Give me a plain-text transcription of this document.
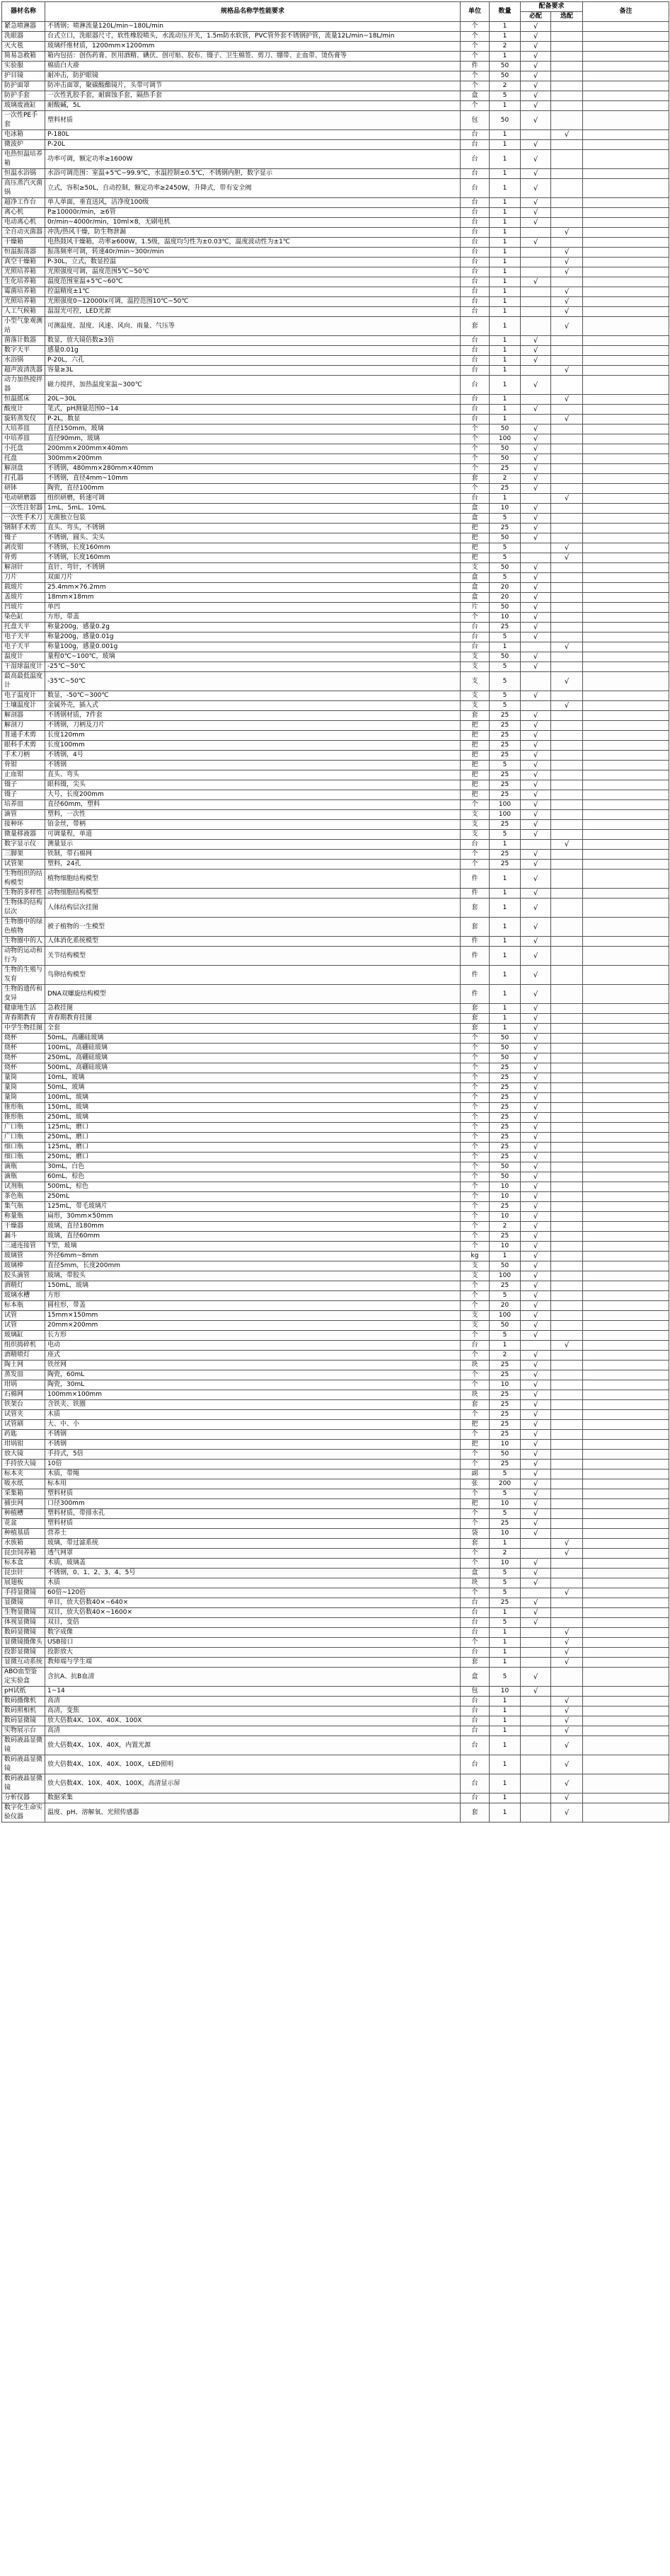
器材名称	规格品名称学性能要求	单位	数量	配备要求		备注
				必配	选配	
紧急喷淋器	不锈钢；喷淋流量120L/min~180L/min	个	1	√		
洗眼器	台式立口，洗眼器尺寸，软性橡胶喷头，水流动压开关，1.5m防水软管，PVC管外套不锈钢护管，流量12L/min~18L/min	个	1	√		
灭火毯	玻璃纤维材质，1200mm×1200mm	个	2	√		
简易急救箱	箱内包括：创伤药膏、医用酒精、碘伏、创可贴、胶布、镊子、卫生棉签、剪刀、绷带、止血带、烫伤膏等	个	1	√		
实验服	棉质白大褂	件	50	√		
护目镜	耐冲击，防护眼镜	个	50	√		
防护面罩	防冲击面罩，聚碳酸酯镜片，头带可调节	个	2	√		
防护手套	一次性乳胶手套，耐腐蚀手套，隔热手套	盒	5	√		
玻璃废液缸	耐酸碱，5L	个	1	√		
一次性PE手套	塑料材质	包	50	√		
电冰箱	P-180L	台	1		√	
微波炉	P-20L	台	1	√		
电热恒温培养箱	功率可调，额定功率≥1600W	台	1	√		
恒温水浴锅	水浴可调范围：室温+5℃~99.9℃，水温控制±0.5℃，不锈钢内胆，数字显示	台	1	√		
高压蒸汽灭菌锅	立式，容积≥50L，自动控制，额定功率≥2450W，升降式，带有安全阀	台	1	√		
超净工作台	单人单面，垂直送风，洁净度100级	台	1	√		
离心机	P≥10000r/min，≥6管	台	1	√		
电动离心机	0r/min~4000r/min，10ml×8，无刷电机	台	1	√		
全自动灭菌器	冲洗/热风干燥，防生物泄漏	台	1		√	
干燥箱	电热鼓风干燥箱，功率≥600W，1.5级，温度均匀性为±0.03℃，温度波动性为±1℃	台	1	√		
恒温振荡器	振荡频率可调，转速40r/min~300r/min	台	1		√	
真空干燥箱	P-30L，立式，数显控温	台	1		√	
光照培养箱	光照强度可调，温度范围5℃~50℃	台	1		√	
生化培养箱	温度范围室温+5℃~60℃	台	1	√		
霉菌培养箱	控温精度±1℃	台	1		√	
光照培养箱	光照强度0~12000lx可调，温控范围10℃~50℃	台	1		√	
人工气候箱	温湿光可控，LED光源	台	1		√	
小型气象观测站	可测温度、湿度、风速、风向、雨量、气压等	套	1		√	
菌落计数器	数显，放大镜倍数≥3倍	台	1	√		
数字天平	感量0.01g	台	1	√		
水浴锅	P-20L，六孔	台	1	√		
超声波清洗器	容量≥3L	台	1		√	
动力加热搅拌器	磁力搅拌，加热温度室温~300℃	台	1	√		
恒温摇床	20L~30L	台	1		√	
酸度计	笔式，pH测量范围0~14	台	1	√		
旋转蒸发仪	P-2L，数显	台	1		√	
大培养皿	直径150mm，玻璃	个	50	√		
中培养皿	直径90mm，玻璃	个	100	√		
小托盘	200mm×200mm×40mm	个	50	√		
托盘	300mm×200mm	个	50	√		
解剖盘	不锈钢，480mm×280mm×40mm	个	25	√		
打孔器	不锈钢，直径4mm~10mm	套	2	√		
研钵	陶瓷，直径100mm	个	25	√		
电动研磨器	组织研磨，转速可调	台	1		√	
一次性注射器	1mL、5mL、10mL	盒	10	√		
一次性手术刀	无菌独立包装	盒	5	√		
钢制手术剪	直头、弯头，不锈钢	把	25	√		
镊子	不锈钢，圆头、尖头	把	50	√		
剥皮钳	不锈钢，长度160mm	把	5		√	
骨剪	不锈钢，长度160mm	把	5		√	
解剖针	直针、弯针，不锈钢	支	50	√		
刀片	双面刀片	盒	5	√		
载玻片	25.4mm×76.2mm	盒	20	√		
盖玻片	18mm×18mm	盒	20	√		
凹玻片	单凹	片	50	√		
染色缸	方形，带盖	个	10	√		
托盘天平	称量200g，感量0.2g	台	25	√		
电子天平	称量200g，感量0.01g	台	5	√		
电子天平	称量100g，感量0.001g	台	1		√	
温度计	量程0℃~100℃，玻璃	支	50	√		
干湿球温度计	-25℃~50℃	支	5	√		
最高最低温度计	-35℃~50℃	支	5		√	
电子温度计	数显，-50℃~300℃	支	5	√		
土壤温度计	金属外壳，插入式	支	5		√	
解剖器	不锈钢材质，7件套	套	25	√		
解剖刀	不锈钢，刀柄及刀片	把	25	√		
普通手术剪	长度120mm	把	25	√		
眼科手术剪	长度100mm	把	25	√		
手术刀柄	不锈钢，4号	把	25	√		
骨钳	不锈钢	把	5	√		
止血钳	直头、弯头	把	25	√		
镊子	眼科镊，尖头	把	25	√		
镊子	大号，长度200mm	把	25	√		
培养皿	直径60mm，塑料	个	100	√		
滴管	塑料，一次性	支	100	√		
接种环	铂金丝，带柄	支	25	√		
微量移液器	可调量程，单道	支	5	√		
数字显示仪	测量显示	台	1		√	
三脚架	铁制，带石棉网	个	25	√		
试管架	塑料，24孔	个	25	√		
生物组织的结构模型	植物细胞结构模型	件	1	√		
生物的多样性	动物细胞结构模型	件	1	√		
生物体的结构层次	人体结构层次挂图	套	1	√		
生物圈中的绿色植物	被子植物的一生模型	套	1	√		
生物圈中的人	人体消化系统模型	件	1	√		
动物的运动和行为	关节结构模型	件	1	√		
生物的生殖与发育	鸟卵结构模型	件	1	√		
生物的遗传和变异	DNA双螺旋结构模型	件	1	√		
健康地生活	急救挂图	套	1	√		
青春期教育	青春期教育挂图	套	1	√		
中学生物挂图	全套	套	1	√		
烧杯	50mL，高硼硅玻璃	个	50	√		
烧杯	100mL，高硼硅玻璃	个	50	√		
烧杯	250mL，高硼硅玻璃	个	50	√		
烧杯	500mL，高硼硅玻璃	个	25	√		
量筒	10mL，玻璃	个	25	√		
量筒	50mL，玻璃	个	25	√		
量筒	100mL，玻璃	个	25	√		
锥形瓶	150mL，玻璃	个	25	√		
锥形瓶	250mL，玻璃	个	25	√		
广口瓶	125mL，磨口	个	25	√		
广口瓶	250mL，磨口	个	25	√		
细口瓶	125mL，磨口	个	25	√		
细口瓶	250mL，磨口	个	25	√		
滴瓶	30mL，白色	个	50	√		
滴瓶	60mL，棕色	个	50	√		
试剂瓶	500mL，棕色	个	10	√		
茶色瓶	250mL	个	10	√		
集气瓶	125mL，带毛玻璃片	个	25	√		
称量瓶	扁形，30mm×50mm	个	10	√		
干燥器	玻璃，直径180mm	个	2	√		
漏斗	玻璃，直径60mm	个	25	√		
三通连接管	T型，玻璃	个	10	√		
玻璃管	外径6mm~8mm	kg	1	√		
玻璃棒	直径5mm，长度200mm	支	50	√		
胶头滴管	玻璃，带胶头	支	100	√		
酒精灯	150mL，玻璃	个	25	√		
玻璃水槽	方形	个	5	√		
标本瓶	圆柱形，带盖	个	20	√		
试管	15mm×150mm	支	100	√		
试管	20mm×200mm	支	50	√		
玻璃缸	长方形	个	5	√		
组织捣碎机	电动	台	1		√	
酒精喷灯	座式	个	2	√		
陶土网	铁丝网	块	25	√		
蒸发皿	陶瓷，60mL	个	25	√		
坩埚	陶瓷，30mL	个	10	√		
石棉网	100mm×100mm	块	25	√		
铁架台	含铁夹、铁圈	套	25	√		
试管夹	木质	个	25	√		
试管刷	大、中、小	把	25	√		
药匙	不锈钢	个	25	√		
坩埚钳	不锈钢	把	10	√		
放大镜	手持式，5倍	个	50	√		
手持放大镜	10倍	个	25	√		
标本夹	木质，带绳	副	5	√		
吸水纸	标本用	张	200	√		
采集箱	塑料材质	个	5	√		
捕虫网	口径300mm	把	10	√		
种植槽	塑料材质，带排水孔	个	5	√		
花盆	塑料材质	个	25	√		
种植基质	营养土	袋	10	√		
水族箱	玻璃，带过滤系统	套	1		√	
昆虫饲养箱	透气网罩	个	2		√	
标本盒	木质，玻璃盖	个	10	√		
昆虫针	不锈钢，0、1、2、3、4、5号	盒	5	√		
展翅板	木质	块	5	√		
手持显微镜	60倍~120倍	个	5		√	
显微镜	单目，放大倍数40×~640×	台	25	√		
生物显微镜	双目，放大倍数40×~1600×	台	1	√		
体视显微镜	双目，变倍	台	5	√		
数码显微镜	数字成像	台	1		√	
显微镜摄像头	USB接口	个	1		√	
投影显微镜	投影放大	台	1		√	
显微互动系统	教师端与学生端	套	1		√	
ABO血型鉴定实验盒	含抗A、抗B血清	盒	5	√		
pH试纸	1~14	包	10	√		
数码摄像机	高清	台	1		√	
数码照相机	高清，变焦	台	1		√	
数码显微镜	放大倍数4X、10X、40X、100X	台	1		√	
实物展示台	高清	台	1		√	
数码液晶显微镜	放大倍数4X、10X、40X，内置光源	台	1		√	
数码液晶显微镜	放大倍数4X、10X、40X、100X，LED照明	台	1		√	
数码液晶显微镜	放大倍数4X、10X、40X、100X，高清显示屏	台	1		√	
分析仪器	数据采集	台	1		√	
数字化生命实验仪器	温度、pH、溶解氧、光照传感器	套	1		√	
